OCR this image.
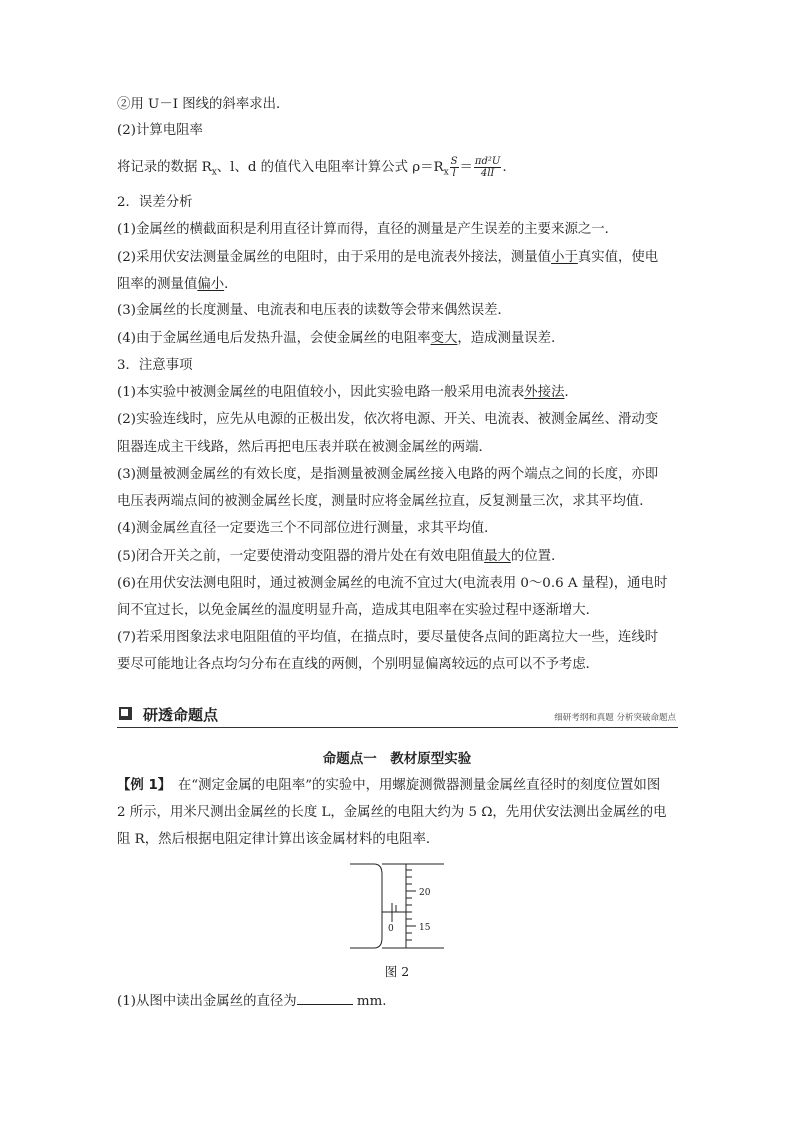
②用 U－I 图线的斜率求出．
(2)计算电阻率
将记录的数据 $R_x$、l、d 的值代入电阻率计算公式 $\rho=R_x \frac{S}{l} = \frac{\text{πd²U}}{4lI}$ .
2．误差分析
(1)金属丝的横截面积是利用直径计算而得，直径的测量是产生误差的主要来源之一．
(2)采用伏安法测量金属丝的电阻时，由于采用的是电流表外接法，测量值小于真实值，使电
阻率的测量值偏小．
(3)金属丝的长度测量、电流表和电压表的读数等会带来偶然误差．
(4)由于金属丝通电后发热升温，会使金属丝的电阻率变大，造成测量误差．
3．注意事项
(1)本实验中被测金属丝的电阻值较小，因此实验电路一般采用电流表外接法．
(2)实验连线时，应先从电源的正极出发，依次将电源、开关、电流表、被测金属丝、滑动变
阻器连成主干线路，然后再把电压表并联在被测金属丝的两端．
(3)测量被测金属丝的有效长度，是指测量被测金属丝接入电路的两个端点之间的长度，亦即
电压表两端点间的被测金属丝长度，测量时应将金属丝拉直，反复测量三次，求其平均值．
(4)测金属丝直径一定要选三个不同部位进行测量，求其平均值．
(5)闭合开关之前，一定要使滑动变阻器的滑片处在有效电阻值最大的位置．
(6)在用伏安法测电阻时，通过被测金属丝的电流不宜过大(电流表用 0～0.6 A 量程)，通电时
间不宜过长，以免金属丝的温度明显升高，造成其电阻率在实验过程中逐渐增大．
(7)若采用图象法求电阻阻值的平均值，在描点时，要尽量使各点间的距离拉大一些，连线时
要尽可能地让各点均匀分布在直线的两侧，个别明显偏离较远的点可以不予考虑．
研透命题点	细研考纲和真题 分析突破命题点
命题点一　教材原型实验
【例 1】　在“测定金属的电阻率”的实验中，用螺旋测微器测量金属丝直径时的刻度位置如图
2 所示，用米尺测出金属丝的长度 L，金属丝的电阻大约为 5 Ω，先用伏安法测出金属丝的电
阻 R，然后根据电阻定律计算出该金属材料的电阻率．
20
15
0
图 2
(1)从图中读出金属丝的直径为	mm.
